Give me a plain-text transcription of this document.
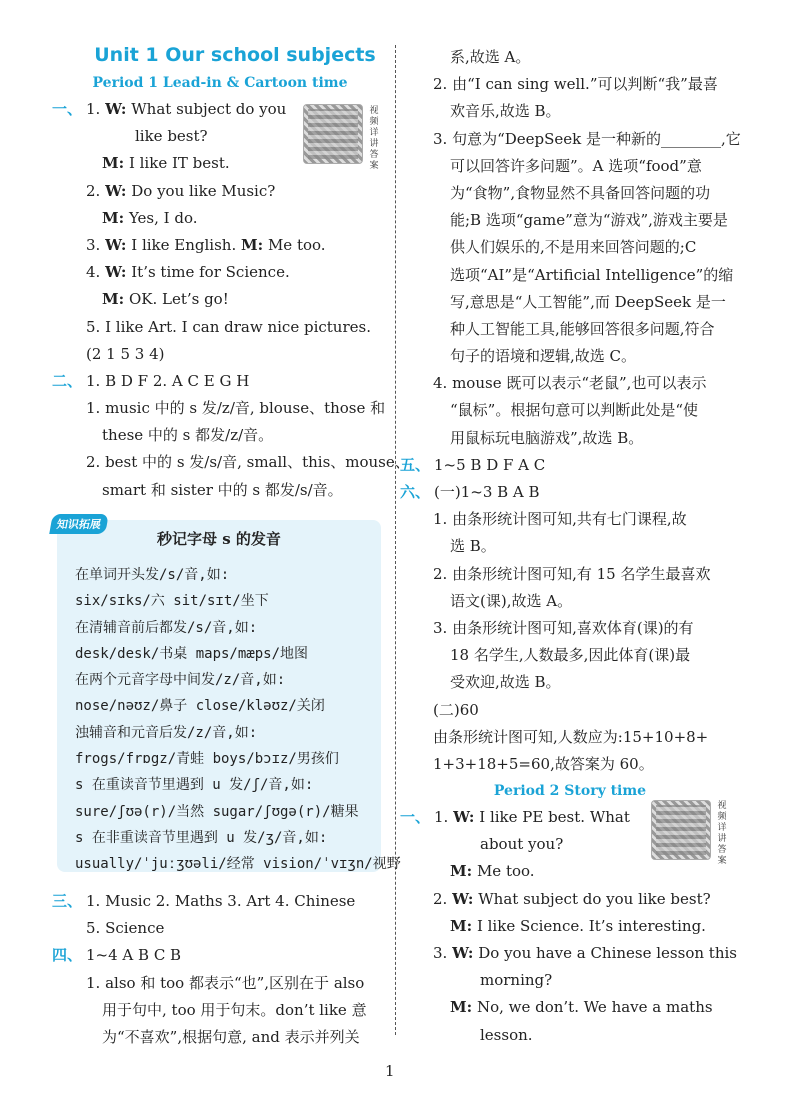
Unit 1 Our school subjects
Period 1 Lead-in & Cartoon time
一、 1. W: What subject do you
like best?
M: I like IT best.
2. W: Do you like Music?
M: Yes, I do.
3. W: I like English. M: Me too.
4. W: It’s time for Science.
M: OK. Let’s go!
5. I like Art. I can draw nice pictures.
(2 1 5 3 4)
二、 1. B D F 2. A C E G H
1. music 中的 s 发/z/音, blouse、those 和
these 中的 s 都发/z/音。
2. best 中的 s 发/s/音, small、this、mouse、
smart 和 sister 中的 s 都发/s/音。
视频详讲答案
知识拓展
秒记字母 s 的发音
在单词开头发/s/音,如:
six/sɪks/六 sit/sɪt/坐下
在清辅音前后都发/s/音,如:
desk/desk/书桌 maps/mæps/地图
在两个元音字母中间发/z/音,如:
nose/nəʊz/鼻子 close/kləʊz/关闭
浊辅音和元音后发/z/音,如:
frogs/frɒgz/青蛙 boys/bɔɪz/男孩们
s 在重读音节里遇到 u 发/ʃ/音,如:
sure/ʃʊə(r)/当然 sugar/ʃʊgə(r)/糖果
s 在非重读音节里遇到 u 发/ʒ/音,如:
usually/ˈjuːʒʊəli/经常 vision/ˈvɪʒn/视野
三、 1. Music 2. Maths 3. Art 4. Chinese
5. Science
四、 1~4 A B C B
1. also 和 too 都表示“也”,区别在于 also
用于句中, too 用于句末。don’t like 意
为“不喜欢”,根据句意, and 表示并列关
系,故选 A。
2. 由“I can sing well.”可以判断“我”最喜
欢音乐,故选 B。
3. 句意为“DeepSeek 是一种新的________,它
可以回答许多问题”。A 选项“food”意
为“食物”,食物显然不具备回答问题的功
能;B 选项“game”意为“游戏”,游戏主要是
供人们娱乐的,不是用来回答问题的;C
选项“AI”是“Artificial Intelligence”的缩
写,意思是“人工智能”,而 DeepSeek 是一
种人工智能工具,能够回答很多问题,符合
句子的语境和逻辑,故选 C。
4. mouse 既可以表示“老鼠”,也可以表示
“鼠标”。根据句意可以判断此处是“使
用鼠标玩电脑游戏”,故选 B。
五、 1~5 B D F A C
六、 (一)1~3 B A B
1. 由条形统计图可知,共有七门课程,故
选 B。
2. 由条形统计图可知,有 15 名学生最喜欢
语文(课),故选 A。
3. 由条形统计图可知,喜欢体育(课)的有
18 名学生,人数最多,因此体育(课)最
受欢迎,故选 B。
(二)60
由条形统计图可知,人数应为:15+10+8+
1+3+18+5=60,故答案为 60。
Period 2 Story time
一、 1. W: I like PE best. What
about you?
M: Me too.
2. W: What subject do you like best?
M: I like Science. It’s interesting.
3. W: Do you have a Chinese lesson this
morning?
M: No, we don’t. We have a maths
lesson.
视频详讲答案
1
